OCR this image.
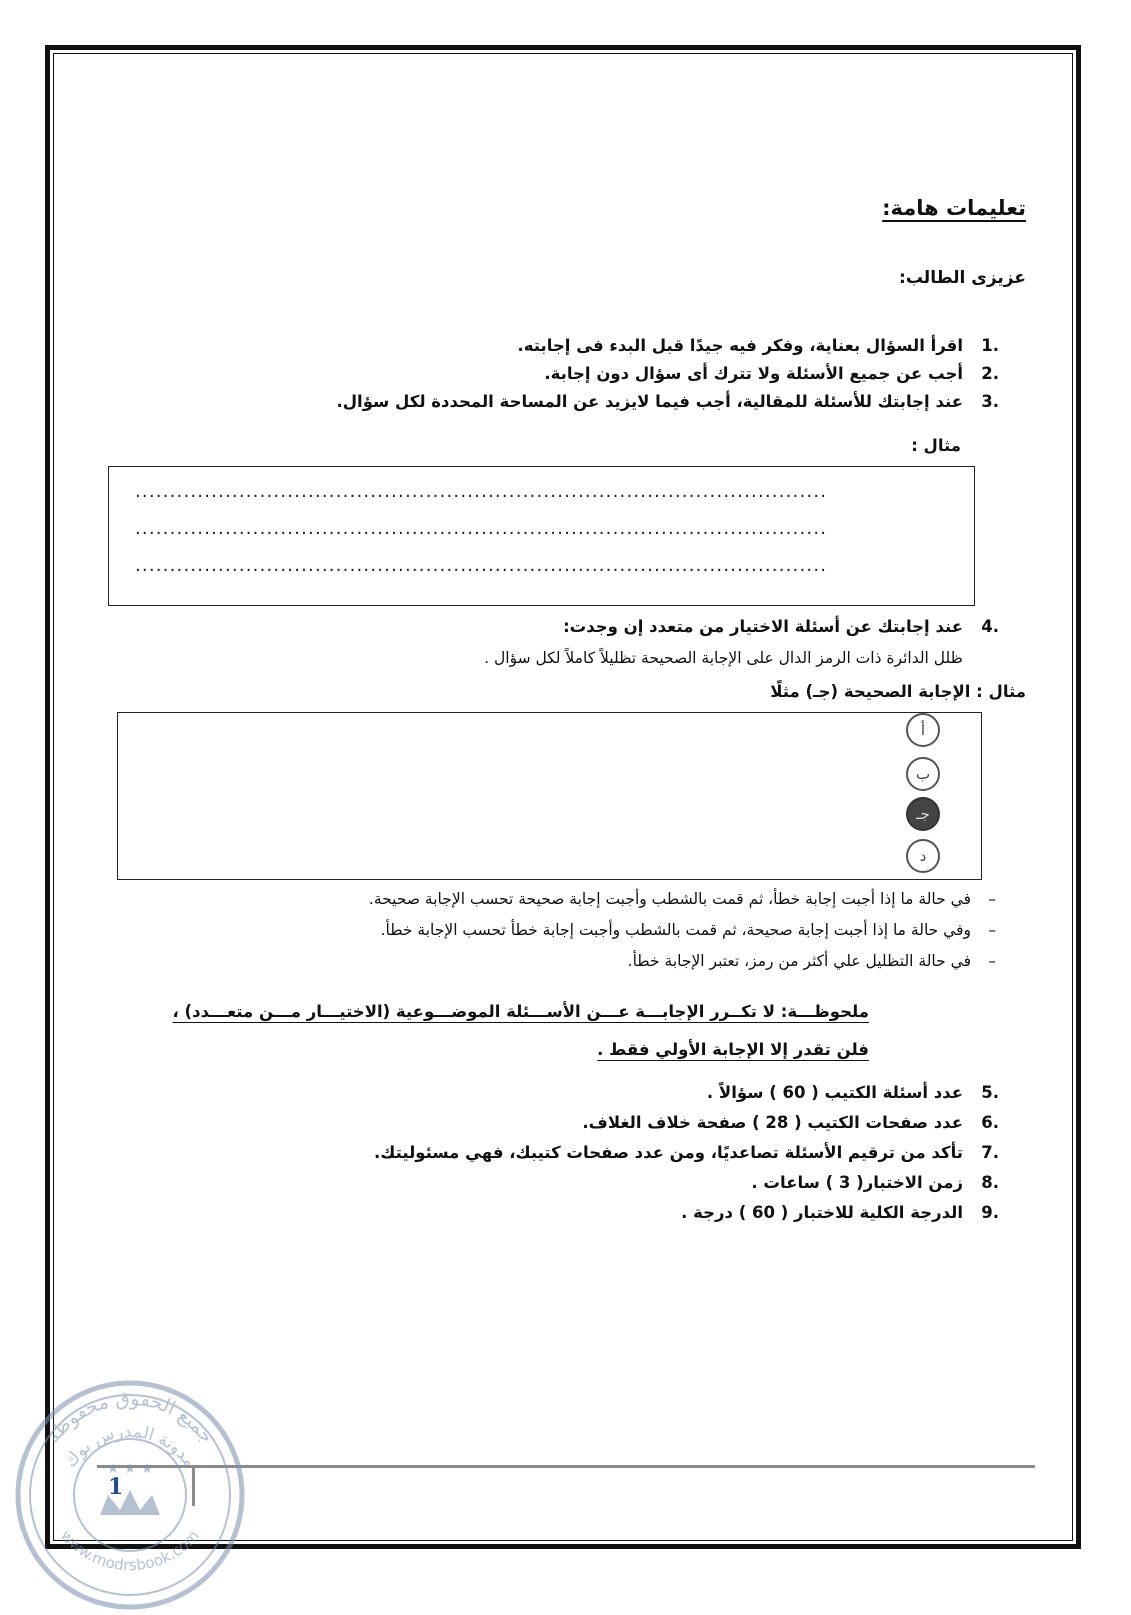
تعليمات هامة:
عزيزى الطالب:
1.
اقرأ السؤال بعناية، وفكر فيه جيدًا قبل البدء فى إجابته.
2.
أجب عن جميع الأسئلة ولا تترك أى سؤال دون إجابة.
3.
عند إجابتك للأسئلة للمقالية، أجب فيما لايزيد عن المساحة المحددة لكل سؤال.
مثال :
....................................................................................................
....................................................................................................
....................................................................................................
4.
عند إجابتك عن أسئلة الاختيار من متعدد إن وجدت:
ظلل الدائرة ذات الرمز الدال على الإجابة الصحيحة تظليلاً كاملاً لكل سؤال .
مثال : الإجابة الصحيحة (جـ) مثلًا
أ
ب
جـ
د
–
في حالة ما إذا أجبت إجابة خطأ، ثم قمت بالشطب وأجبت إجابة صحيحة تحسب الإجابة صحيحة.
–
وفي حالة ما إذا أجبت إجابة صحيحة، ثم قمت بالشطب وأجبت إجابة خطأ تحسب الإجابة خطأ.
–
في حالة التظليل علي أكثر من رمز، تعتبر الإجابة خطأ.
ملحوظـــة: لا تكــرر الإجابـــة عـــن الأســـئلة الموضـــوعية (الاختيـــار مـــن متعـــدد) ،
فلن تقدر إلا الإجابة الأولي فقط .
5.
عدد أسئلة الكتيب ( 60 ) سؤالاً .
6.
عدد صفحات الكتيب ( 28 ) صفحة خلاف الغلاف.
7.
تأكد من ترقيم الأسئلة تصاعديًا، ومن عدد صفحات كتيبك، فهي مسئوليتك.
8.
زمن الاختبار( 3 ) ساعات .
9.
الدرجة الكلية للاختبار ( 60 ) درجة .
1
جميع الحقوق محفوظة
مدونة المدرس بوك
www.modrsbook.com
★ ★ ★
